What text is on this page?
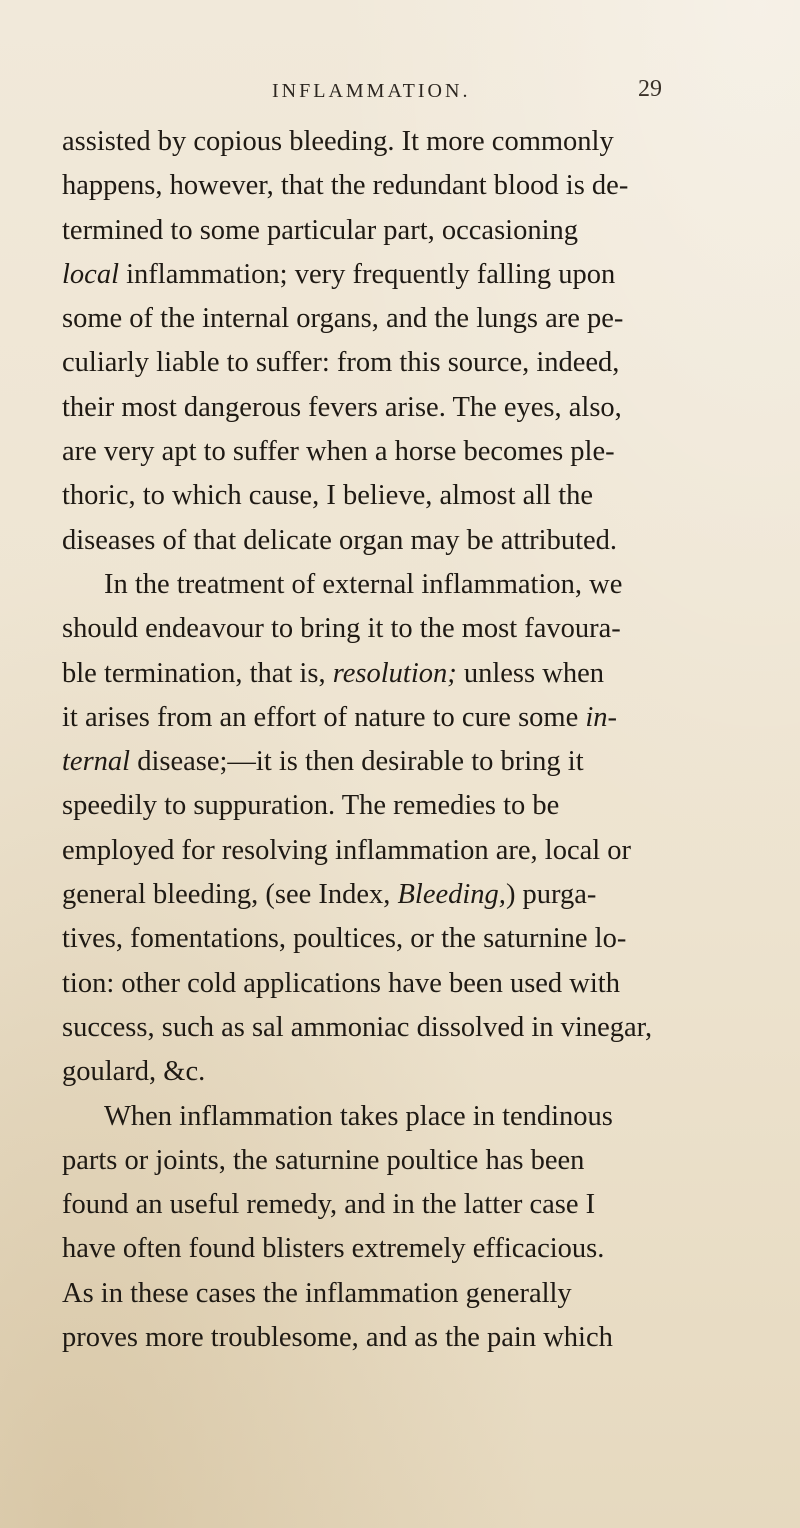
INFLAMMATION.	29
assisted by copious bleeding. It more commonly
happens, however, that the redundant blood is de-
termined to some particular part, occasioning
local inflammation; very frequently falling upon
some of the internal organs, and the lungs are pe-
culiarly liable to suffer: from this source, indeed,
their most dangerous fevers arise. The eyes, also,
are very apt to suffer when a horse becomes ple-
thoric, to which cause, I believe, almost all the
diseases of that delicate organ may be attributed.
In the treatment of external inflammation, we
should endeavour to bring it to the most favoura-
ble termination, that is, resolution; unless when
it arises from an effort of nature to cure some in-
ternal disease;—it is then desirable to bring it
speedily to suppuration. The remedies to be
employed for resolving inflammation are, local or
general bleeding, (see Index, Bleeding,) purga-
tives, fomentations, poultices, or the saturnine lo-
tion: other cold applications have been used with
success, such as sal ammoniac dissolved in vinegar,
goulard, &c.
When inflammation takes place in tendinous
parts or joints, the saturnine poultice has been
found an useful remedy, and in the latter case I
have often found blisters extremely efficacious.
As in these cases the inflammation generally
proves more troublesome, and as the pain which
